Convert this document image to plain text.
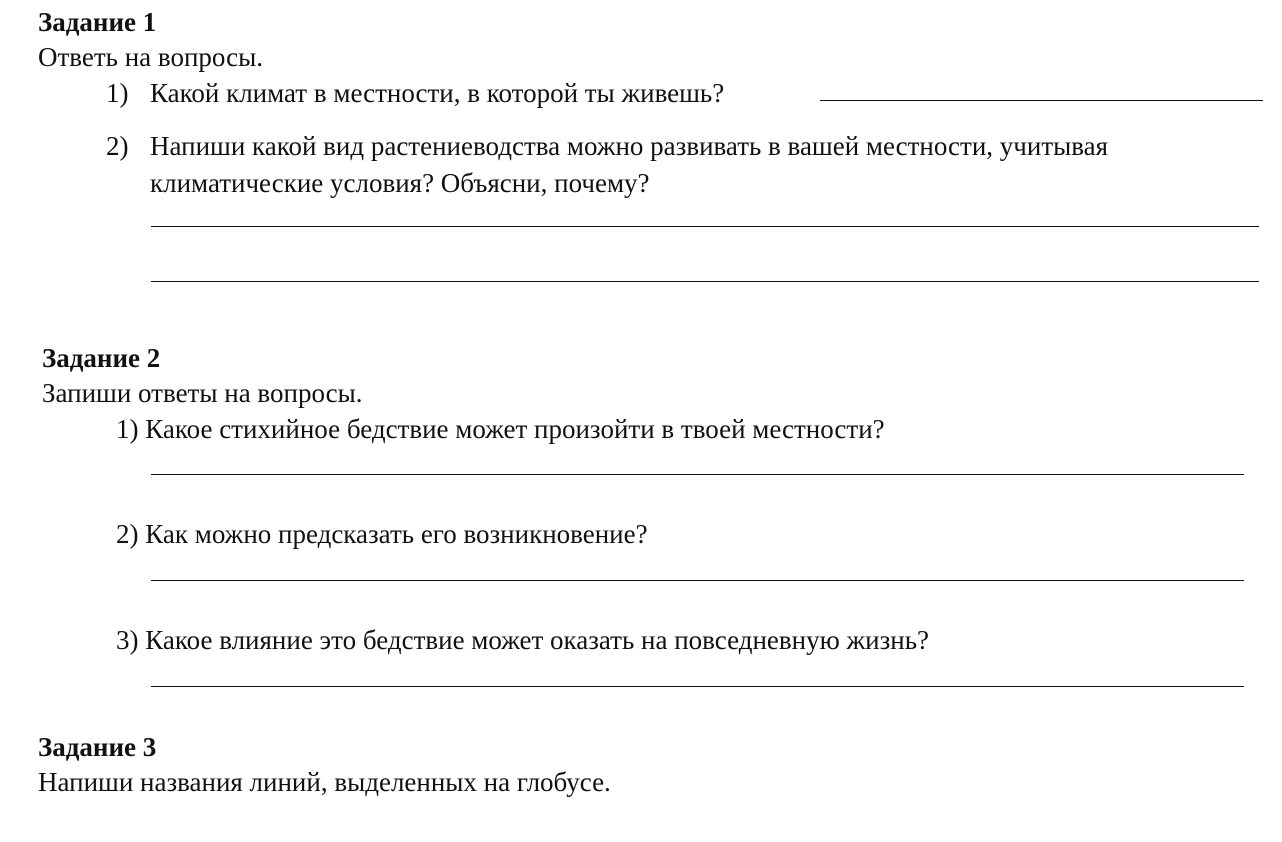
Задание 1
Ответь на вопросы.
1) Какой климат в местности, в которой ты живешь?
2) Напиши какой вид растениеводства можно развивать в вашей местности, учитывая
климатические условия? Объясни, почему?
Задание 2
Запиши ответы на вопросы.
1) Какое стихийное бедствие может произойти в твоей местности?
2) Как можно предсказать его возникновение?
3) Какое влияние это бедствие может оказать на повседневную жизнь?
Задание 3
Напиши названия линий, выделенных на глобусе.
